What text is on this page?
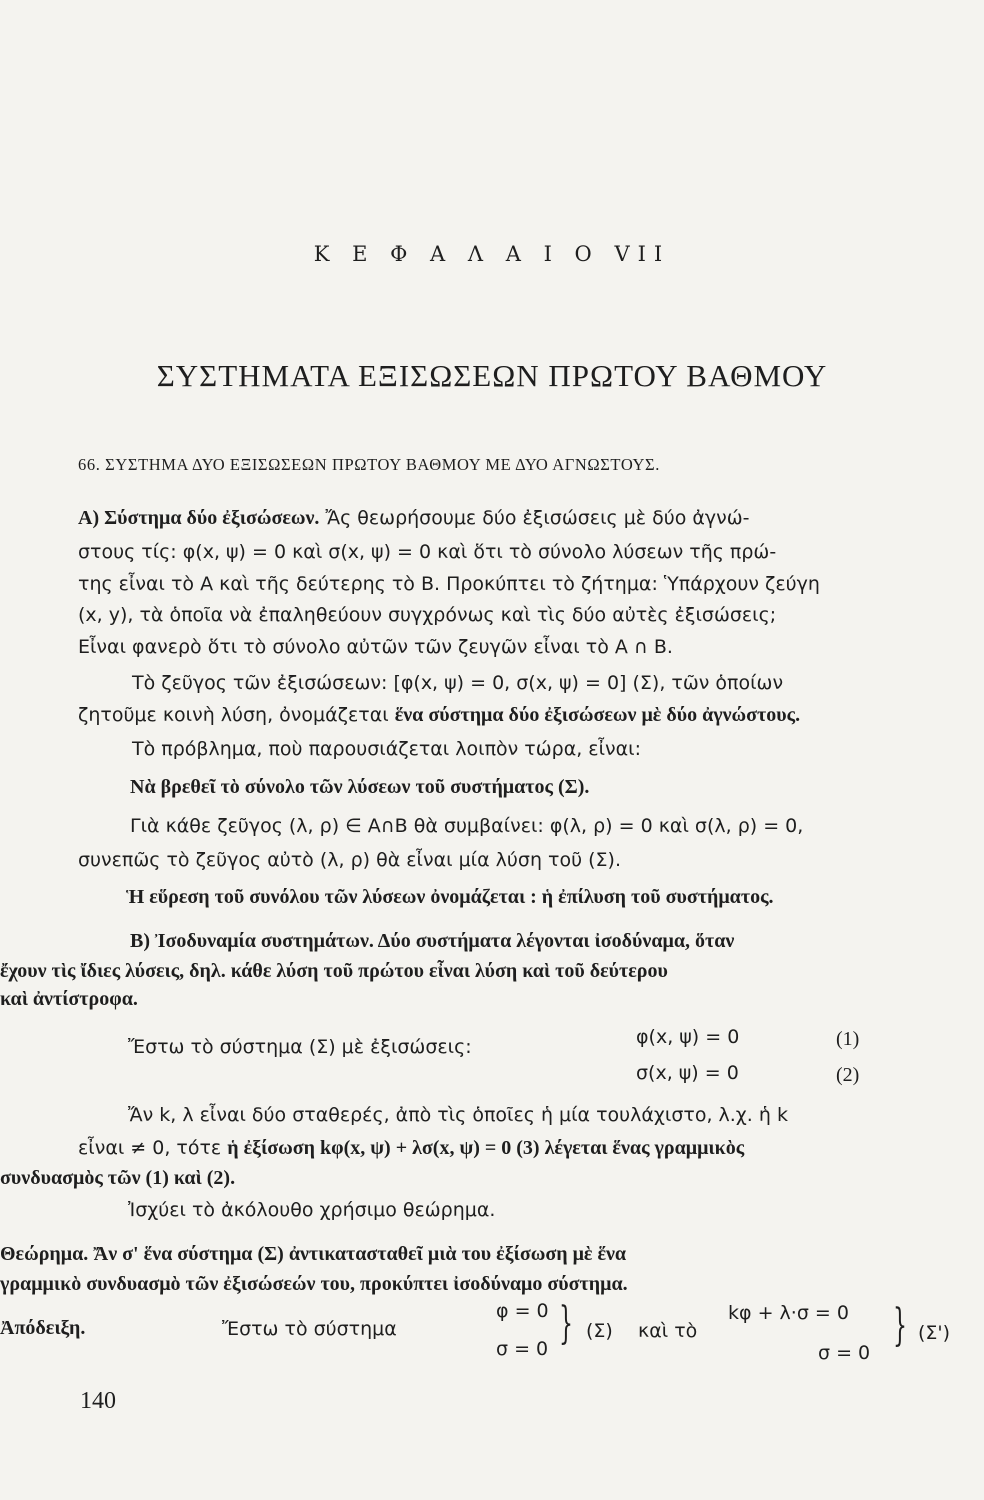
Κ Ε Φ Α Λ Α Ι Ο VII
ΣΥΣΤΗΜΑΤΑ ΕΞΙΣΩΣΕΩΝ ΠΡΩΤΟΥ ΒΑΘΜΟΥ
66. ΣΥΣΤΗΜΑ ΔΥΟ ΕΞΙΣΩΣΕΩΝ ΠΡΩΤΟΥ ΒΑΘΜΟΥ ΜΕ ΔΥΟ ΑΓΝΩΣΤΟΥΣ.
Α) Σύστημα δύο ἐξισώσεων. Ἄς θεωρήσουμε δύο ἐξισώσεις μὲ δύο ἀγνώ-
στους τίς: φ(x, ψ) = 0 καὶ σ(x, ψ) = 0 καὶ ὅτι τὸ σύνολο λύσεων τῆς πρώ-
της εἶναι τὸ Α καὶ τῆς δεύτερης τὸ Β. Προκύπτει τὸ ζήτημα: Ὑπάρχουν ζεύγη
(x, y), τὰ ὁποῖα νὰ ἐπαληθεύουν συγχρόνως καὶ τὶς δύο αὐτὲς ἐξισώσεις;
Εἶναι φανερὸ ὅτι τὸ σύνολο αὐτῶν τῶν ζευγῶν εἶναι τὸ Α ∩ Β.
Τὸ ζεῦγος τῶν ἐξισώσεων: [φ(x, ψ) = 0, σ(x, ψ) = 0] (Σ), τῶν ὁποίων
ζητοῦμε κοινὴ λύση, ὀνομάζεται ἕνα σύστημα δύο ἐξισώσεων μὲ δύο ἀγνώστους.
Τὸ πρόβλημα, ποὺ παρουσιάζεται λοιπὸν τώρα, εἶναι:
Νὰ βρεθεῖ τὸ σύνολο τῶν λύσεων τοῦ συστήματος (Σ).
Γιὰ κάθε ζεῦγος (λ, ρ) ∈ Α∩Β θὰ συμβαίνει: φ(λ, ρ) = 0 καὶ σ(λ, ρ) = 0,
συνεπῶς τὸ ζεῦγος αὐτὸ (λ, ρ) θὰ εἶναι μία λύση τοῦ (Σ).
Ἡ εὕρεση τοῦ συνόλου τῶν λύσεων ὀνομάζεται : ἡ ἐπίλυση τοῦ συστήματος.
Β) Ἰσοδυναμία συστημάτων. Δύο συστήματα λέγονται ἰσοδύναμα, ὅταν
ἔχουν τὶς ἴδιες λύσεις, δηλ. κάθε λύση τοῦ πρώτου εἶναι λύση καὶ τοῦ δεύτερου
καὶ ἀντίστροφα.
Ἔστω τὸ σύστημα (Σ) μὲ ἐξισώσεις:	φ(x, ψ) = 0	(1)
σ(x, ψ) = 0	(2)
Ἄν k, λ εἶναι δύο σταθερές, ἀπὸ τὶς ὁποῖες ἡ μία τουλάχιστο, λ.χ. ἡ k
εἶναι ≠ 0, τότε ἡ ἐξίσωση kφ(x, ψ) + λσ(x, ψ) = 0 (3) λέγεται ἕνας γραμμικὸς
συνδυασμὸς τῶν (1) καὶ (2).
Ἰσχύει τὸ ἀκόλουθο χρήσιμο θεώρημα.
Θεώρημα. Ἄν σ' ἕνα σύστημα (Σ) ἀντικατασταθεῖ μιὰ του ἐξίσωση μὲ ἕνα
γραμμικὸ συνδυασμὸ τῶν ἐξισώσεών του, προκύπτει ἰσοδύναμο σύστημα.
Ἀπόδειξη.	Ἔστω τὸ σύστημα
φ = 0
σ = 0 } (Σ) καὶ τὸ
kφ + λ·σ = 0
σ = 0
} (Σ')
140
